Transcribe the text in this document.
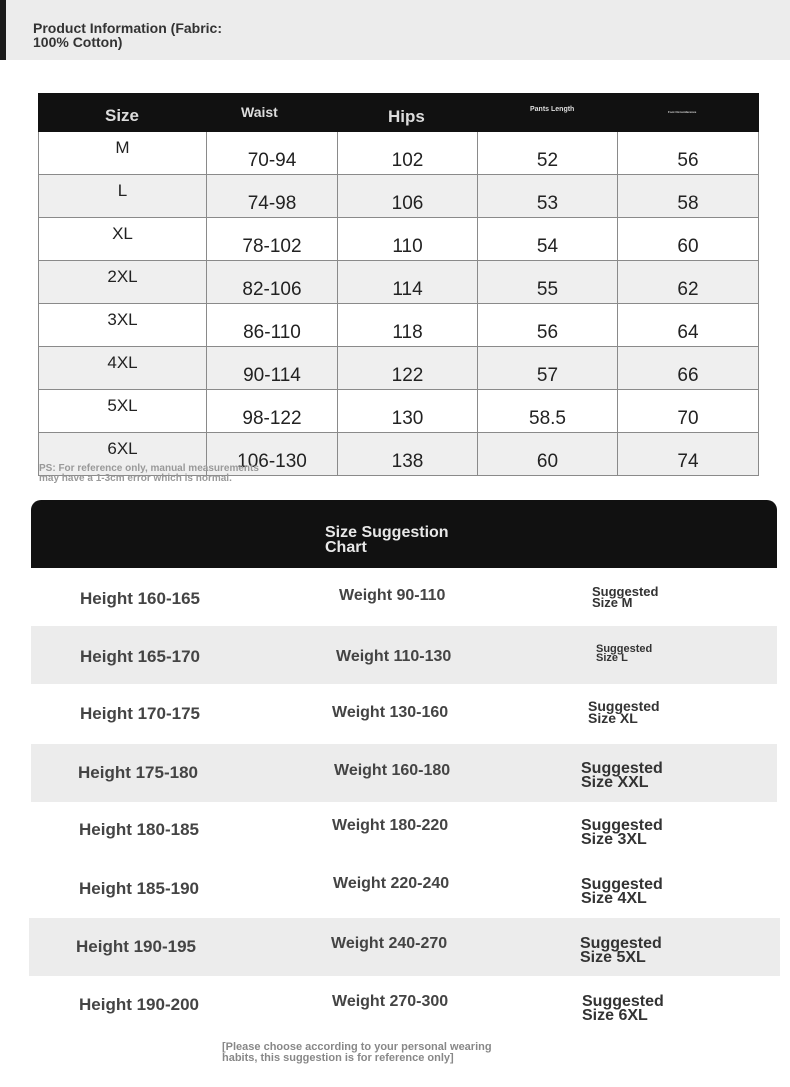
Product Information (Fabric:
100% Cotton)
Size	Waist	Hips	Pants Length	Foot Circumference
M	70-94	102	52	56
L	74-98	106	53	58
XL	78-102	110	54	60
2XL	82-106	114	55	62
3XL	86-110	118	56	64
4XL	90-114	122	57	66
5XL	98-122	130	58.5	70
6XL	106-130	138	60	74
PS: For reference only, manual measurements
may have a 1-3cm error which is normal.
Size Suggestion
Chart
Height 160-165	Weight 90-110	Suggested
Size M
Height 165-170	Weight 110-130	Suggested
Size L
Height 170-175	Weight 130-160	Suggested
Size XL
Height 175-180	Weight 160-180	Suggested
Size XXL
Height 180-185	Weight 180-220	Suggested
Size 3XL
Height 185-190	Weight 220-240	Suggested
Size 4XL
Height 190-195	Weight 240-270	Suggested
Size 5XL
Height 190-200	Weight 270-300	Suggested
Size 6XL
[Please choose according to your personal wearing
habits, this suggestion is for reference only]
